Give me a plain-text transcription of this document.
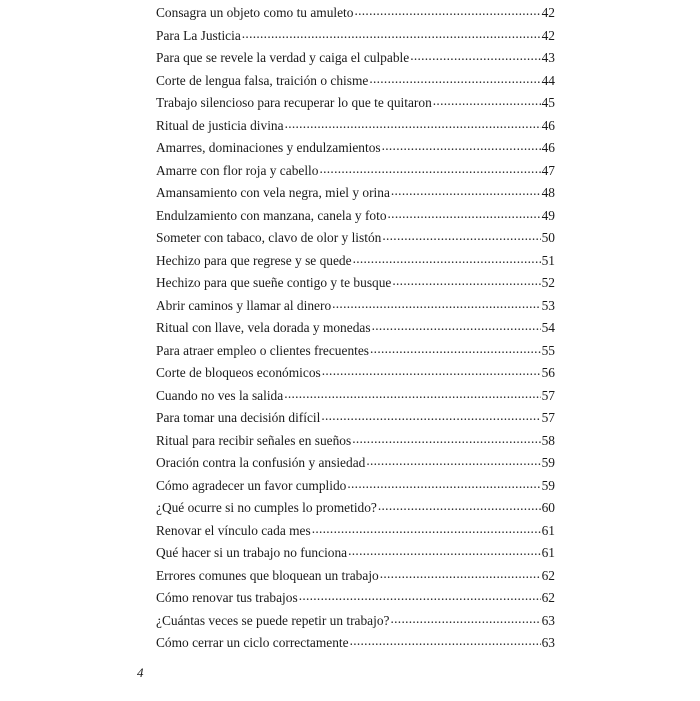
Consagra un objeto como tu amuleto .....	42
Para La Justicia .....	42
Para que se revele la verdad y caiga el culpable .....	43
Corte de lengua falsa, traición o chisme .....	44
Trabajo silencioso para recuperar lo que te quitaron .....	45
Ritual de justicia divina .....	46
Amarres, dominaciones y endulzamientos .....	46
Amarre con flor roja y cabello .....	47
Amansamiento con vela negra, miel y orina .....	48
Endulzamiento con manzana, canela y foto .....	49
Someter con tabaco, clavo de olor y listón .....	50
Hechizo para que regrese y se quede .....	51
Hechizo para que sueñe contigo y te busque .....	52
Abrir caminos y llamar al dinero .....	53
Ritual con llave, vela dorada y monedas .....	54
Para atraer empleo o clientes frecuentes .....	55
Corte de bloqueos económicos .....	56
Cuando no ves la salida .....	57
Para tomar una decisión difícil .....	57
Ritual para recibir señales en sueños .....	58
Oración contra la confusión y ansiedad .....	59
Cómo agradecer un favor cumplido .....	59
¿Qué ocurre si no cumples lo prometido? .....	60
Renovar el vínculo cada mes .....	61
Qué hacer si un trabajo no funciona .....	61
Errores comunes que bloquean un trabajo .....	62
Cómo renovar tus trabajos .....	62
¿Cuántas veces se puede repetir un trabajo? .....	63
Cómo cerrar un ciclo correctamente .....	63
4
